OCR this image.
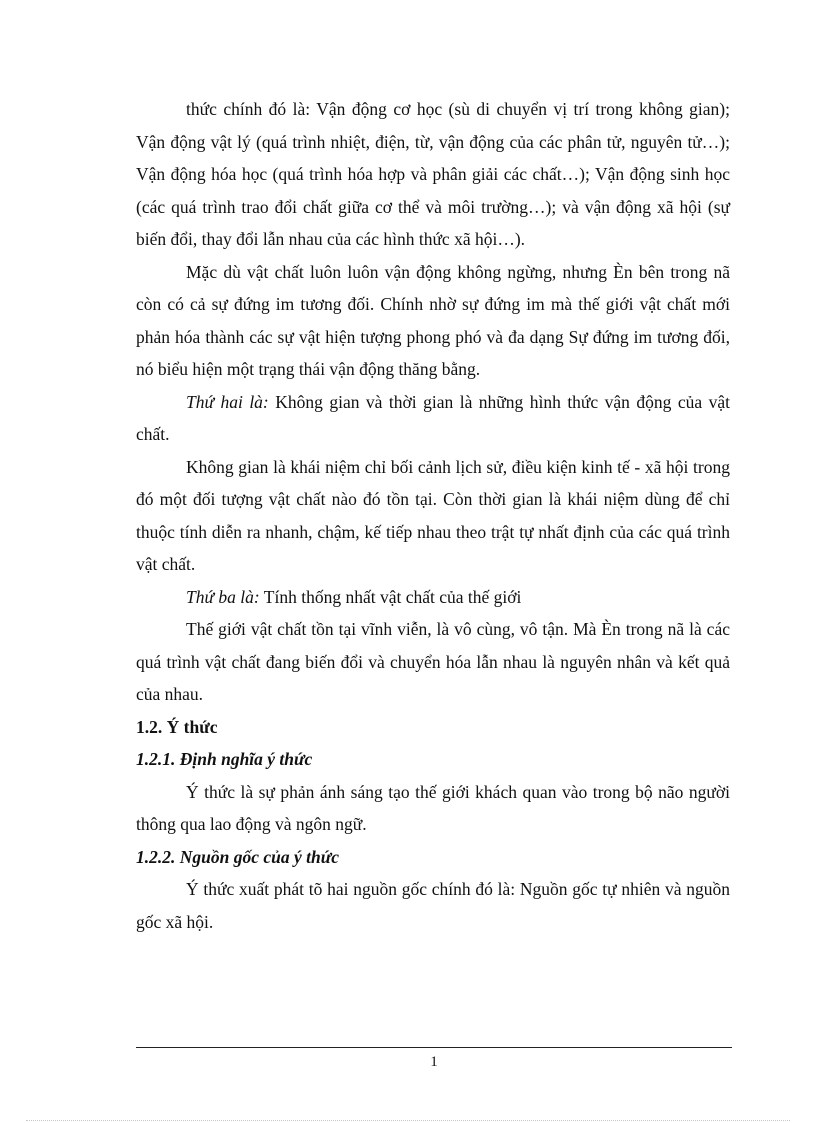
thức chính đó là: Vận động cơ học (sù di chuyển vị trí trong không gian); Vận động vật lý (quá trình nhiệt, điện, từ, vận động của các phân tử, nguyên tử…); Vận động hóa học (quá trình hóa hợp và phân giải các chất…); Vận động sinh học (các quá trình trao đổi chất giữa cơ thể và môi trường…); và vận động xã hội (sự biến đổi, thay đổi lẫn nhau của các hình thức xã hội…).

Mặc dù vật chất luôn luôn vận động không ngừng, nhưng Èn bên trong nã còn có cả sự đứng im tương đối. Chính nhờ sự đứng im mà thế giới vật chất mới phản hóa thành các sự vật hiện tượng phong phó và đa dạng Sự đứng im tương đối, nó biểu hiện một trạng thái vận động thăng bằng.

Thứ hai là: Không gian và thời gian là những hình thức vận động của vật chất.

Không gian là khái niệm chỉ bối cảnh lịch sử, điều kiện kinh tế - xã hội trong đó một đối tượng vật chất nào đó tồn tại. Còn thời gian là khái niệm dùng để chỉ thuộc tính diễn ra nhanh, chậm, kế tiếp nhau theo trật tự nhất định của các quá trình vật chất.

Thứ ba là: Tính thống nhất vật chất của thế giới

Thế giới vật chất tồn tại vĩnh viễn, là vô cùng, vô tận. Mà Èn trong nã là các quá trình vật chất đang biến đổi và chuyển hóa lẫn nhau là nguyên nhân và kết quả của nhau.

1.2. Ý thức

1.2.1. Định nghĩa ý thức

Ý thức là sự phản ánh sáng tạo thế giới khách quan vào trong bộ não người thông qua lao động và ngôn ngữ.

1.2.2. Nguồn gốc của ý thức

Ý thức xuất phát tõ hai nguồn gốc chính đó là: Nguồn gốc tự nhiên và nguồn gốc xã hội.

1
